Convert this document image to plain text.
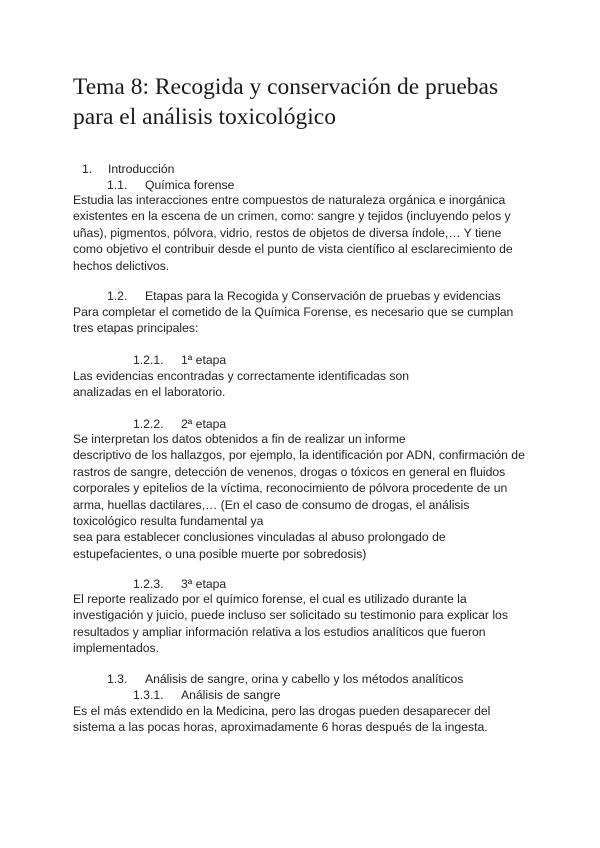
Tema 8: Recogida y conservación de pruebas
para el análisis toxicológico
1. Introducción
1.1. Química forense
Estudia las interacciones entre compuestos de naturaleza orgánica e inorgánica
existentes en la escena de un crimen, como: sangre y tejidos (incluyendo pelos y
uñas), pigmentos, pólvora, vidrio, restos de objetos de diversa índole,… Y tiene
como objetivo el contribuir desde el punto de vista científico al esclarecimiento de
hechos delictivos.
1.2. Etapas para la Recogida y Conservación de pruebas y evidencias
Para completar el cometido de la Química Forense, es necesario que se cumplan
tres etapas principales:
1.2.1. 1ª etapa
Las evidencias encontradas y correctamente identificadas son
analizadas en el laboratorio.
1.2.2. 2ª etapa
Se interpretan los datos obtenidos a fin de realizar un informe
descriptivo de los hallazgos, por ejemplo, la identificación por ADN, confirmación de
rastros de sangre, detección de venenos, drogas o tóxicos en general en fluidos
corporales y epitelios de la víctima, reconocimiento de pólvora procedente de un
arma, huellas dactilares,… (En el caso de consumo de drogas, el análisis
toxicológico resulta fundamental ya
sea para establecer conclusiones vinculadas al abuso prolongado de
estupefacientes, o una posible muerte por sobredosis)
1.2.3. 3ª etapa
El reporte realizado por el químico forense, el cual es utilizado durante la
investigación y juicio, puede incluso ser solicitado su testimonio para explicar los
resultados y ampliar información relativa a los estudios analíticos que fueron
implementados.
1.3. Análisis de sangre, orina y cabello y los métodos analíticos
1.3.1. Análisis de sangre
Es el más extendido en la Medicina, pero las drogas pueden desaparecer del
sistema a las pocas horas, aproximadamente 6 horas después de la ingesta.
